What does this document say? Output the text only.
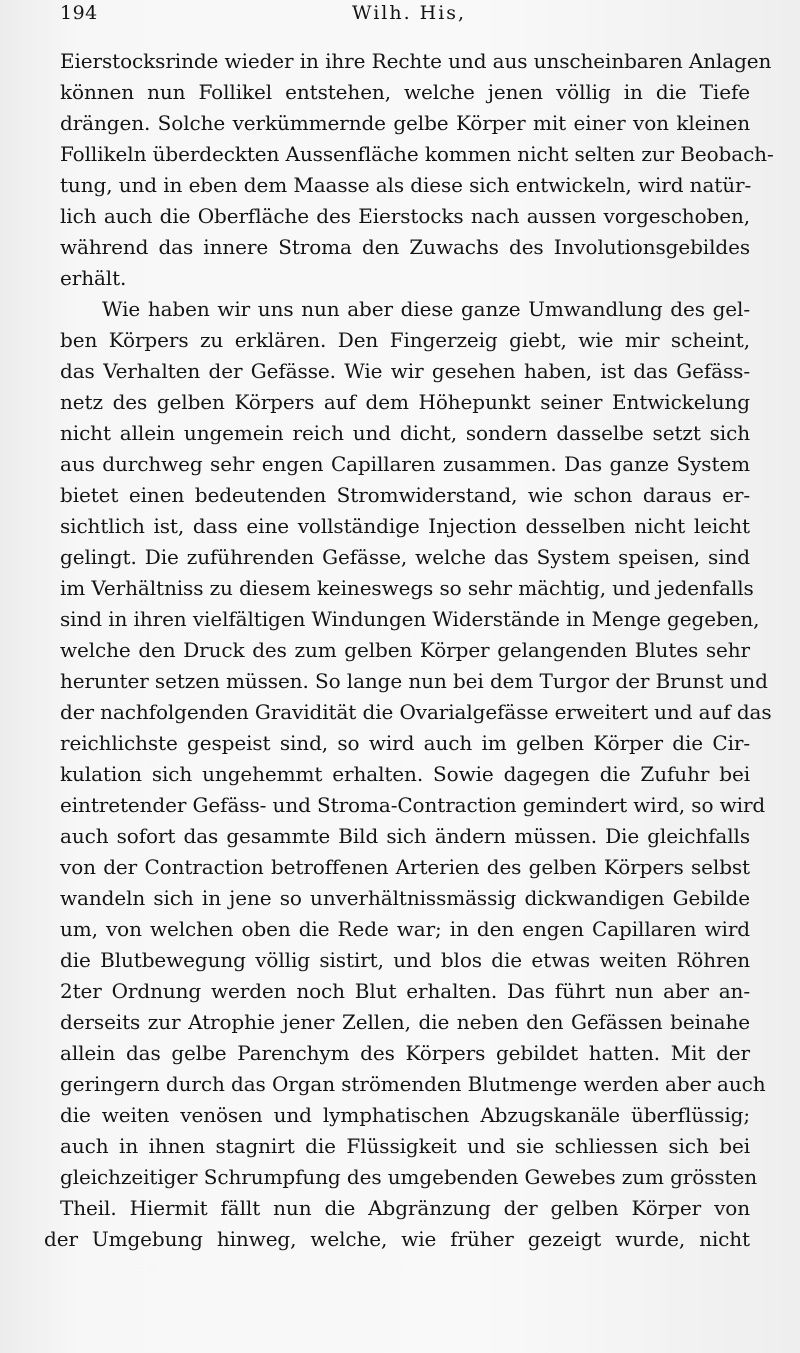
194	Wilh. His,
Eierstocksrinde wieder in ihre Rechte und aus unscheinbaren Anlagen
können nun Follikel entstehen, welche jenen völlig in die Tiefe
drängen. Solche verkümmernde gelbe Körper mit einer von kleinen
Follikeln überdeckten Aussenfläche kommen nicht selten zur Beobach-
tung, und in eben dem Maasse als diese sich entwickeln, wird natür-
lich auch die Oberfläche des Eierstocks nach aussen vorgeschoben,
während das innere Stroma den Zuwachs des Involutionsgebildes
erhält.
Wie haben wir uns nun aber diese ganze Umwandlung des gel-
ben Körpers zu erklären. Den Fingerzeig giebt, wie mir scheint,
das Verhalten der Gefässe. Wie wir gesehen haben, ist das Gefäss-
netz des gelben Körpers auf dem Höhepunkt seiner Entwickelung
nicht allein ungemein reich und dicht, sondern dasselbe setzt sich
aus durchweg sehr engen Capillaren zusammen. Das ganze System
bietet einen bedeutenden Stromwiderstand, wie schon daraus er-
sichtlich ist, dass eine vollständige Injection desselben nicht leicht
gelingt. Die zuführenden Gefässe, welche das System speisen, sind
im Verhältniss zu diesem keineswegs so sehr mächtig, und jedenfalls
sind in ihren vielfältigen Windungen Widerstände in Menge gegeben,
welche den Druck des zum gelben Körper gelangenden Blutes sehr
herunter setzen müssen. So lange nun bei dem Turgor der Brunst und
der nachfolgenden Gravidität die Ovarialgefässe erweitert und auf das
reichlichste gespeist sind, so wird auch im gelben Körper die Cir-
kulation sich ungehemmt erhalten. Sowie dagegen die Zufuhr bei
eintretender Gefäss- und Stroma-Contraction gemindert wird, so wird
auch sofort das gesammte Bild sich ändern müssen. Die gleichfalls
von der Contraction betroffenen Arterien des gelben Körpers selbst
wandeln sich in jene so unverhältnissmässig dickwandigen Gebilde
um, von welchen oben die Rede war; in den engen Capillaren wird
die Blutbewegung völlig sistirt, und blos die etwas weiten Röhren
2ter Ordnung werden noch Blut erhalten. Das führt nun aber an-
derseits zur Atrophie jener Zellen, die neben den Gefässen beinahe
allein das gelbe Parenchym des Körpers gebildet hatten. Mit der
geringern durch das Organ strömenden Blutmenge werden aber auch
die weiten venösen und lymphatischen Abzugskanäle überflüssig;
auch in ihnen stagnirt die Flüssigkeit und sie schliessen sich bei
gleichzeitiger Schrumpfung des umgebenden Gewebes zum grössten
Theil. Hiermit fällt nun die Abgränzung der gelben Körper von
der Umgebung hinweg, welche, wie früher gezeigt wurde, nicht
